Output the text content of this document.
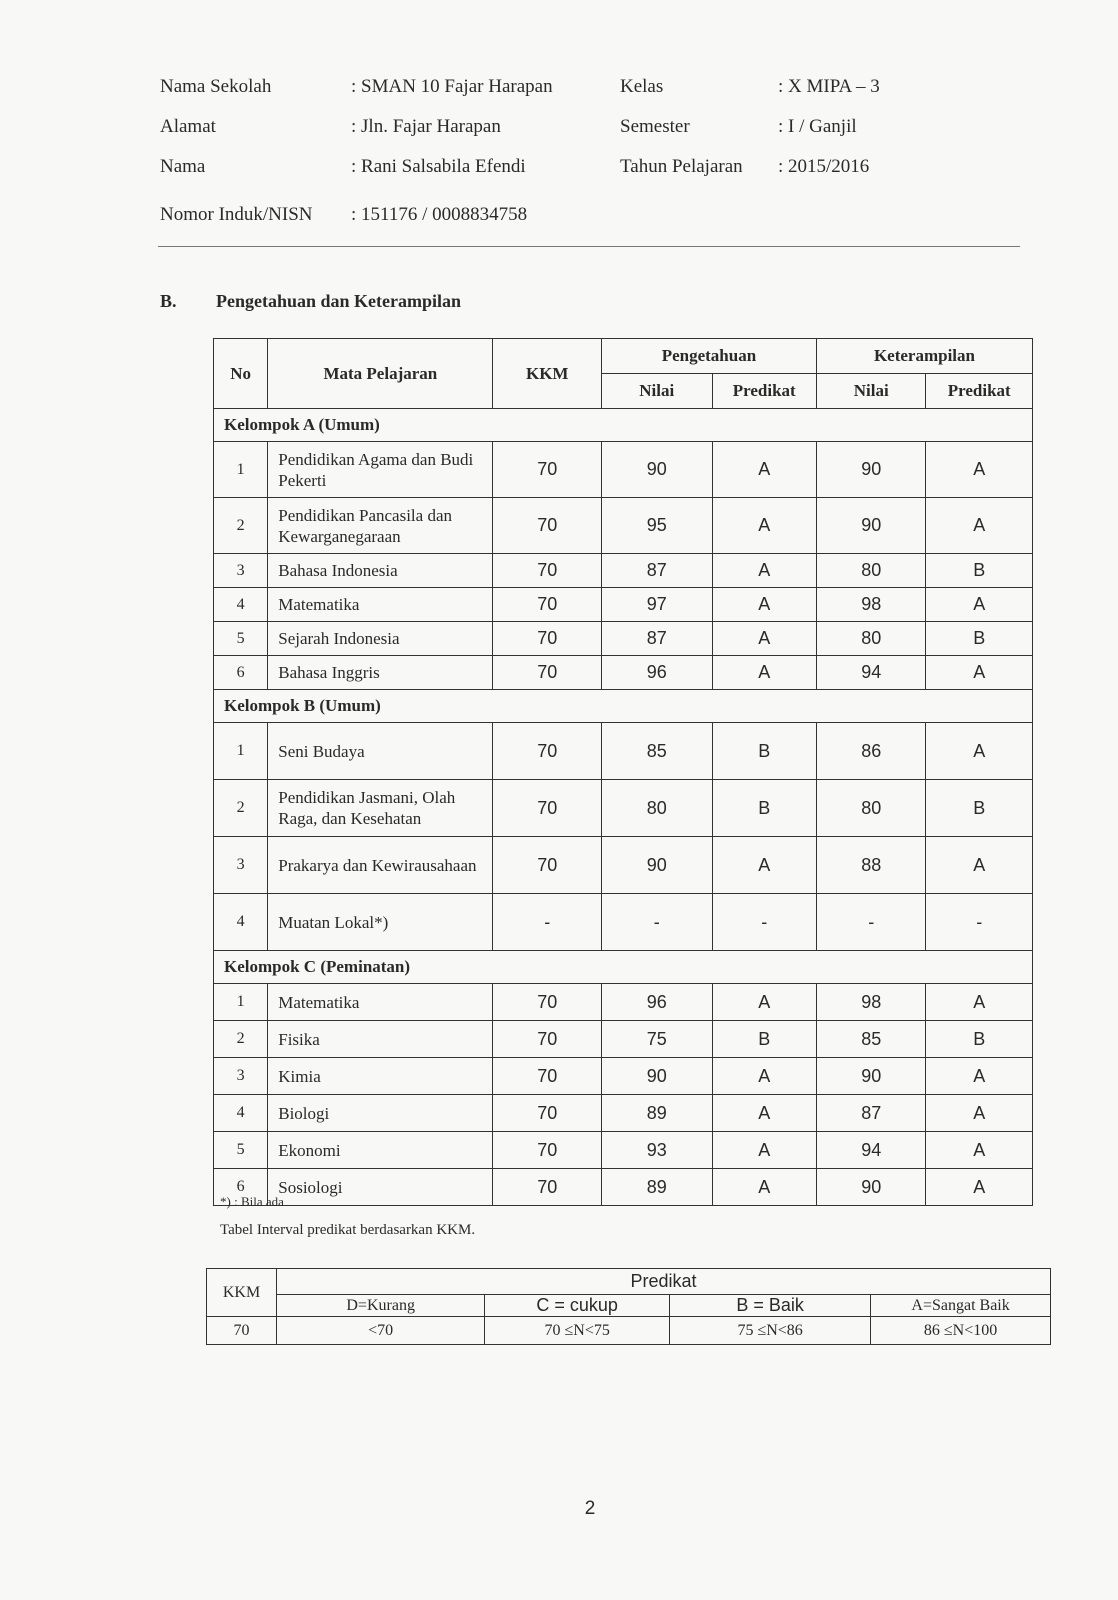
Nama Sekolah	: SMAN 10 Fajar Harapan	Kelas	: X MIPA – 3
Alamat	: Jln. Fajar Harapan	Semester	: I / Ganjil
Nama	: Rani Salsabila Efendi	Tahun Pelajaran : 2015/2016
Nomor Induk/NISN : 151176 / 0008834758
B. Pengetahuan dan Keterampilan
No	Mata Pelajaran	KKM	Pengetahuan		Keterampilan	
			Nilai	Predikat	Nilai	Predikat
Kelompok A (Umum)						
1	Pendidikan Agama dan Budi Pekerti	70	90	A	90	A
2	Pendidikan Pancasila dan Kewarganegaraan	70	95	A	90	A
3	Bahasa Indonesia	70	87	A	80	B
4	Matematika	70	97	A	98	A
5	Sejarah Indonesia	70	87	A	80	B
6	Bahasa Inggris	70	96	A	94	A
Kelompok B (Umum)						
1	Seni Budaya	70	85	B	86	A
2	Pendidikan Jasmani, Olah Raga, dan Kesehatan	70	80	B	80	B
3	Prakarya dan Kewirausahaan	70	90	A	88	A
4	Muatan Lokal*)	-	-	-	-	-
Kelompok C (Peminatan)						
1	Matematika	70	96	A	98	A
2	Fisika	70	75	B	85	B
3	Kimia	70	90	A	90	A
4	Biologi	70	89	A	87	A
5	Ekonomi	70	93	A	94	A
6	Sosiologi	70	89	A	90	A
*) : Bila ada
Tabel Interval predikat berdasarkan KKM.
KKM	Predikat			
	D=Kurang	C = cukup	B = Baik	A=Sangat Baik
70	<70	70 ≤N<75	75 ≤N<86	86 ≤N<100
2
